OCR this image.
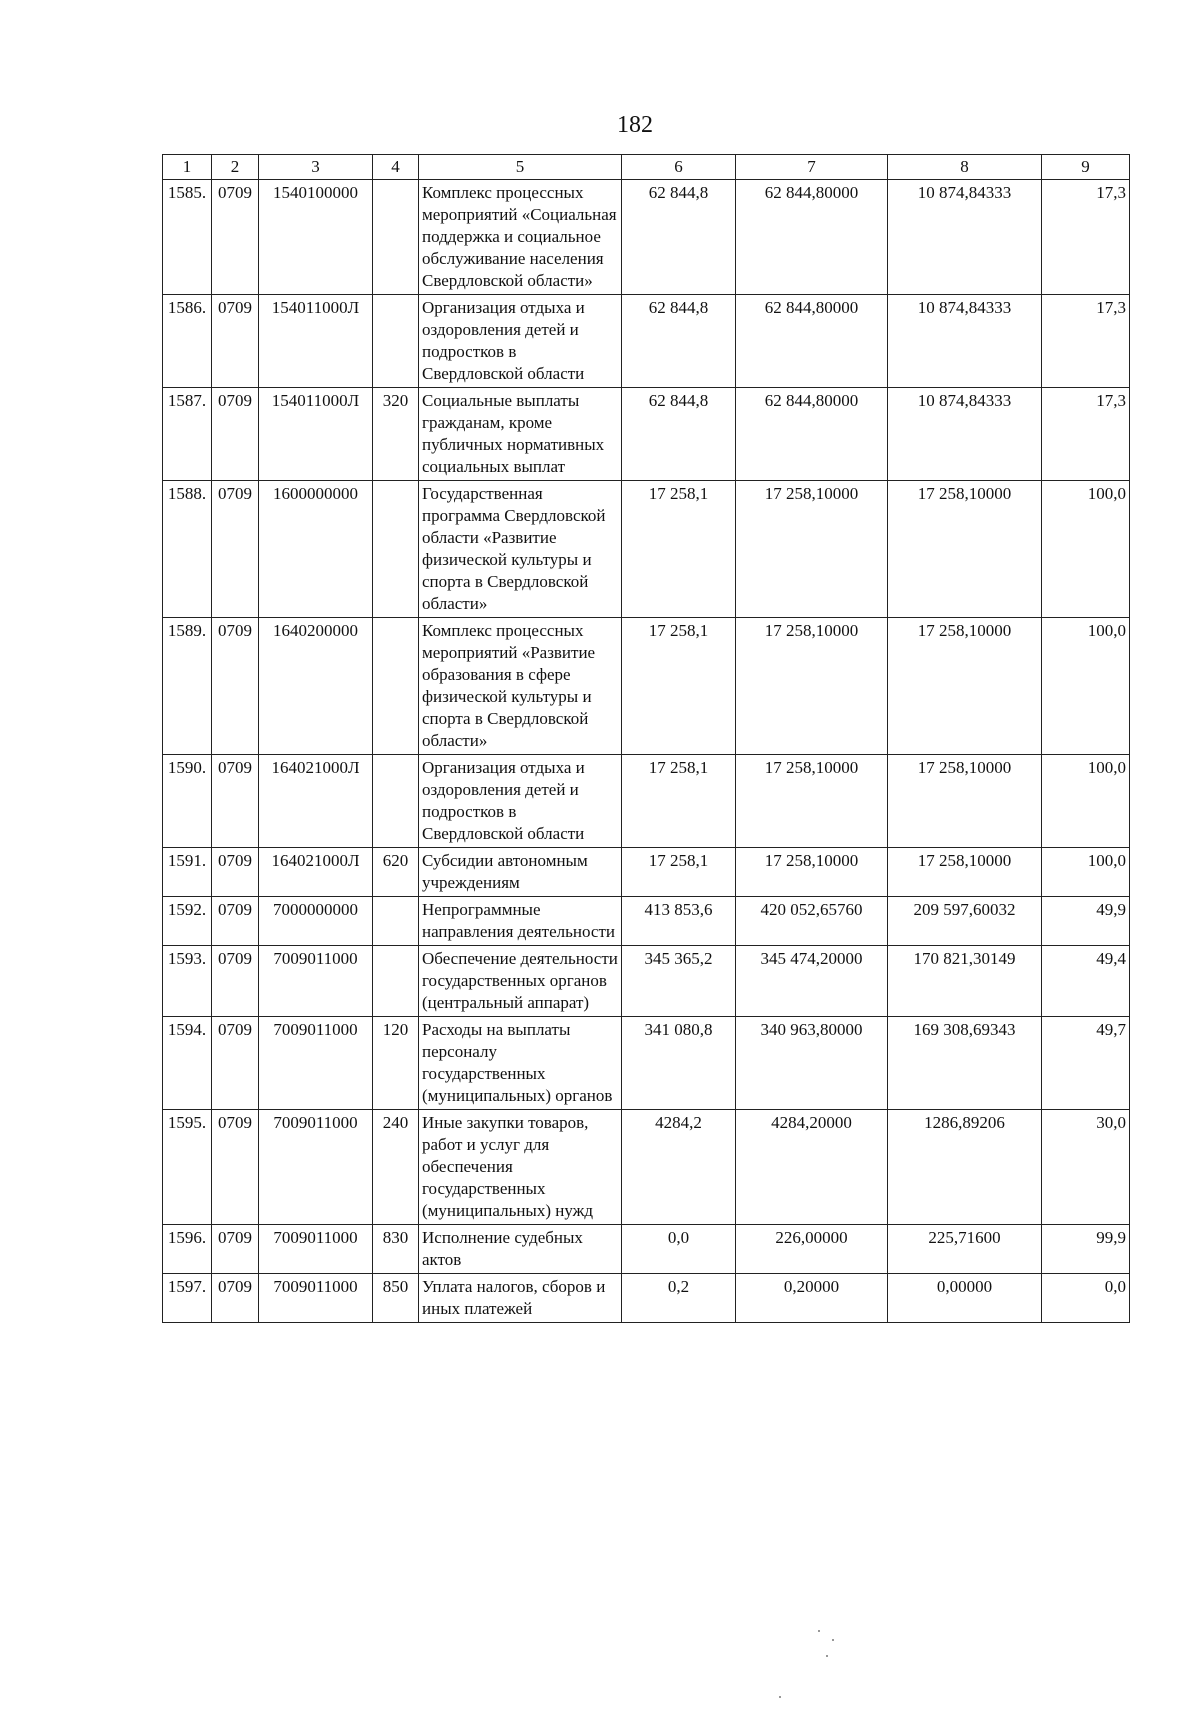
182
1	2	3	4	5	6	7	8	9
1585.	0709	1540100000		Комплекс процессных мероприятий «Социальная поддержка и социальное обслуживание населения Свердловской области»	62 844,8	62 844,80000	10 874,84333	17,3
1586.	0709	154011000Л		Организация отдыха и оздоровления детей и подростков в Свердловской области	62 844,8	62 844,80000	10 874,84333	17,3
1587.	0709	154011000Л	320	Социальные выплаты гражданам, кроме публичных нормативных социальных выплат	62 844,8	62 844,80000	10 874,84333	17,3
1588.	0709	1600000000		Государственная программа Свердловской области «Развитие физической культуры и спорта в Свердловской области»	17 258,1	17 258,10000	17 258,10000	100,0
1589.	0709	1640200000		Комплекс процессных мероприятий «Развитие образования в сфере физической культуры и спорта в Свердловской области»	17 258,1	17 258,10000	17 258,10000	100,0
1590.	0709	164021000Л		Организация отдыха и оздоровления детей и подростков в Свердловской области	17 258,1	17 258,10000	17 258,10000	100,0
1591.	0709	164021000Л	620	Субсидии автономным учреждениям	17 258,1	17 258,10000	17 258,10000	100,0
1592.	0709	7000000000		Непрограммные направления деятельности	413 853,6	420 052,65760	209 597,60032	49,9
1593.	0709	7009011000		Обеспечение деятельности государственных органов (центральный аппарат)	345 365,2	345 474,20000	170 821,30149	49,4
1594.	0709	7009011000	120	Расходы на выплаты персоналу государственных (муниципальных) органов	341 080,8	340 963,80000	169 308,69343	49,7
1595.	0709	7009011000	240	Иные закупки товаров, работ и услуг для обеспечения государственных (муниципальных) нужд	4284,2	4284,20000	1286,89206	30,0
1596.	0709	7009011000	830	Исполнение судебных актов	0,0	226,00000	225,71600	99,9
1597.	0709	7009011000	850	Уплата налогов, сборов и иных платежей	0,2	0,20000	0,00000	0,0
